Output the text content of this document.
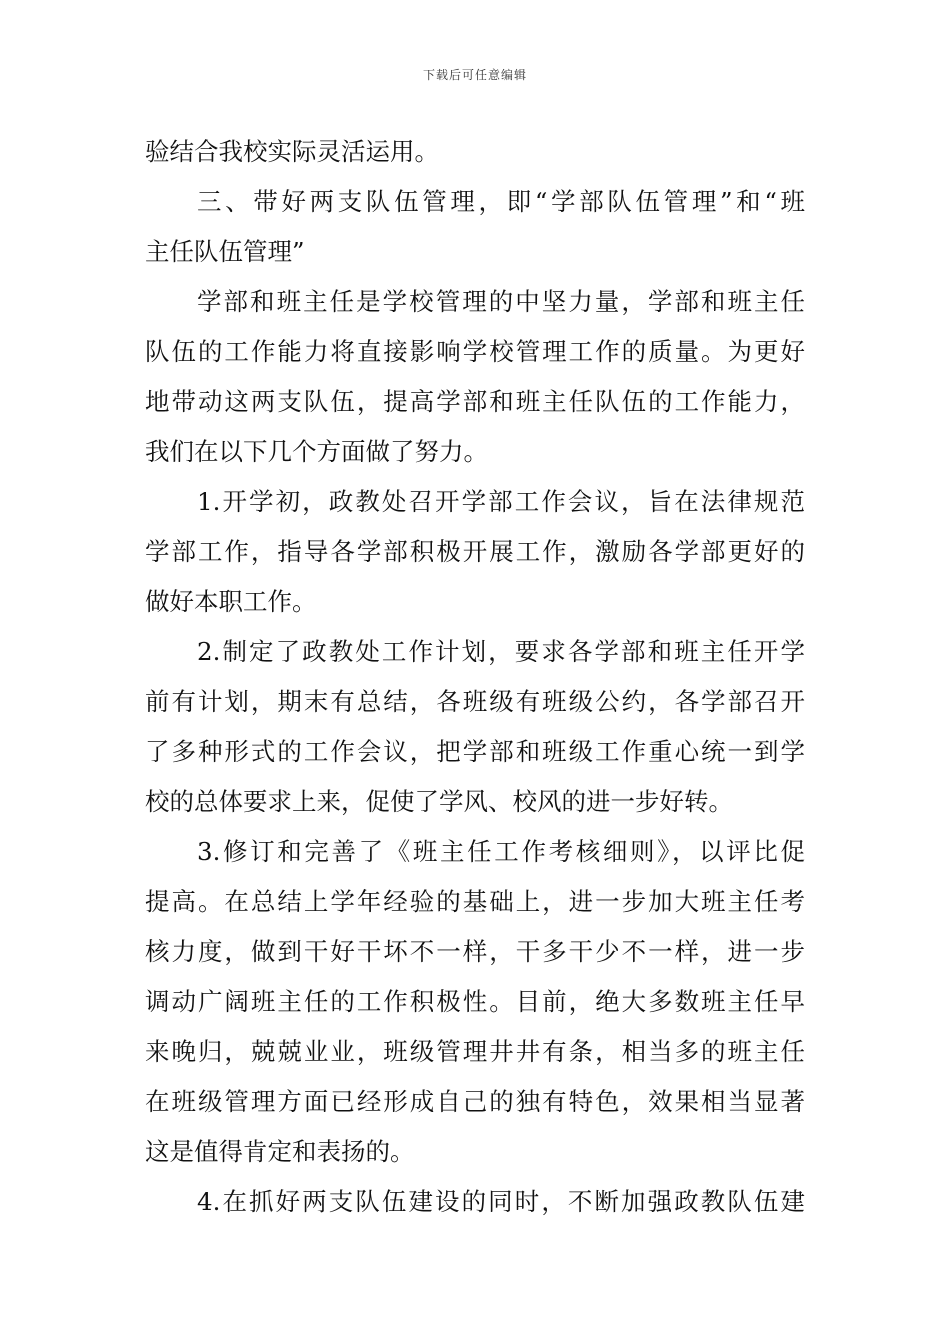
下载后可任意编辑
验结合我校实际灵活运用。
三、带好两支队伍管理，即“学部队伍管理”和“班
主任队伍管理”
学部和班主任是学校管理的中坚力量，学部和班主任
队伍的工作能力将直接影响学校管理工作的质量。为更好
地带动这两支队伍，提高学部和班主任队伍的工作能力，
我们在以下几个方面做了努力。
1.开学初，政教处召开学部工作会议，旨在法律规范
学部工作，指导各学部积极开展工作，激励各学部更好的
做好本职工作。
2.制定了政教处工作计划，要求各学部和班主任开学
前有计划，期末有总结，各班级有班级公约，各学部召开
了多种形式的工作会议，把学部和班级工作重心统一到学
校的总体要求上来，促使了学风、校风的进一步好转。
3.修订和完善了《班主任工作考核细则》，以评比促
提高。在总结上学年经验的基础上，进一步加大班主任考
核力度，做到干好干坏不一样，干多干少不一样，进一步
调动广阔班主任的工作积极性。目前，绝大多数班主任早
来晚归，兢兢业业，班级管理井井有条，相当多的班主任
在班级管理方面已经形成自己的独有特色，效果相当显著
这是值得肯定和表扬的。
4.在抓好两支队伍建设的同时，不断加强政教队伍建
